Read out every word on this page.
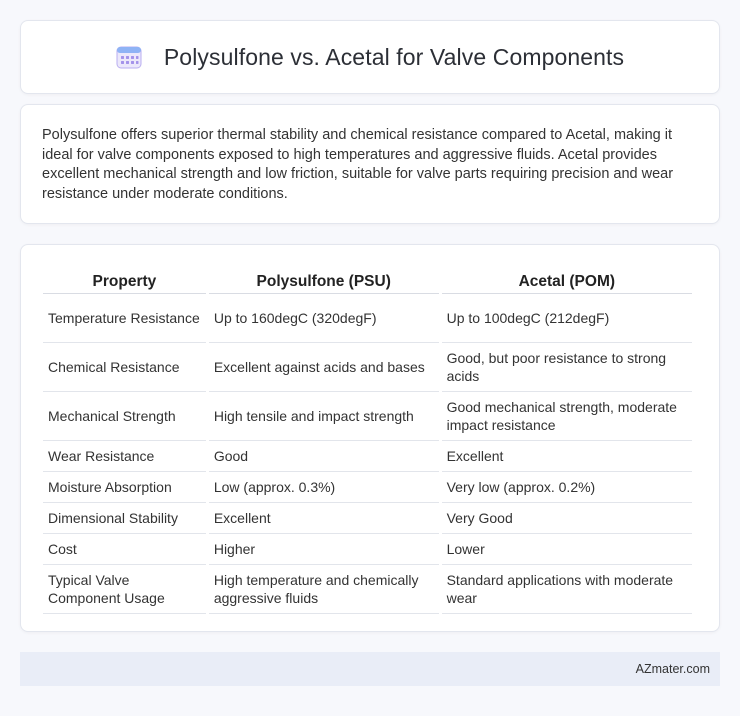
Polysulfone vs. Acetal for Valve Components

Polysulfone offers superior thermal stability and chemical resistance compared to Acetal, making it ideal for valve components exposed to high temperatures and aggressive fluids. Acetal provides excellent mechanical strength and low friction, suitable for valve parts requiring precision and wear resistance under moderate conditions.

Property	Polysulfone (PSU)	Acetal (POM)
Temperature Resistance	Up to 160degC (320degF)	Up to 100degC (212degF)
Chemical Resistance	Excellent against acids and bases	Good, but poor resistance to strong acids
Mechanical Strength	High tensile and impact strength	Good mechanical strength, moderate impact resistance
Wear Resistance	Good	Excellent
Moisture Absorption	Low (approx. 0.3%)	Very low (approx. 0.2%)
Dimensional Stability	Excellent	Very Good
Cost	Higher	Lower
Typical Valve Component Usage	High temperature and chemically aggressive fluids	Standard applications with moderate wear
AZmater.com
